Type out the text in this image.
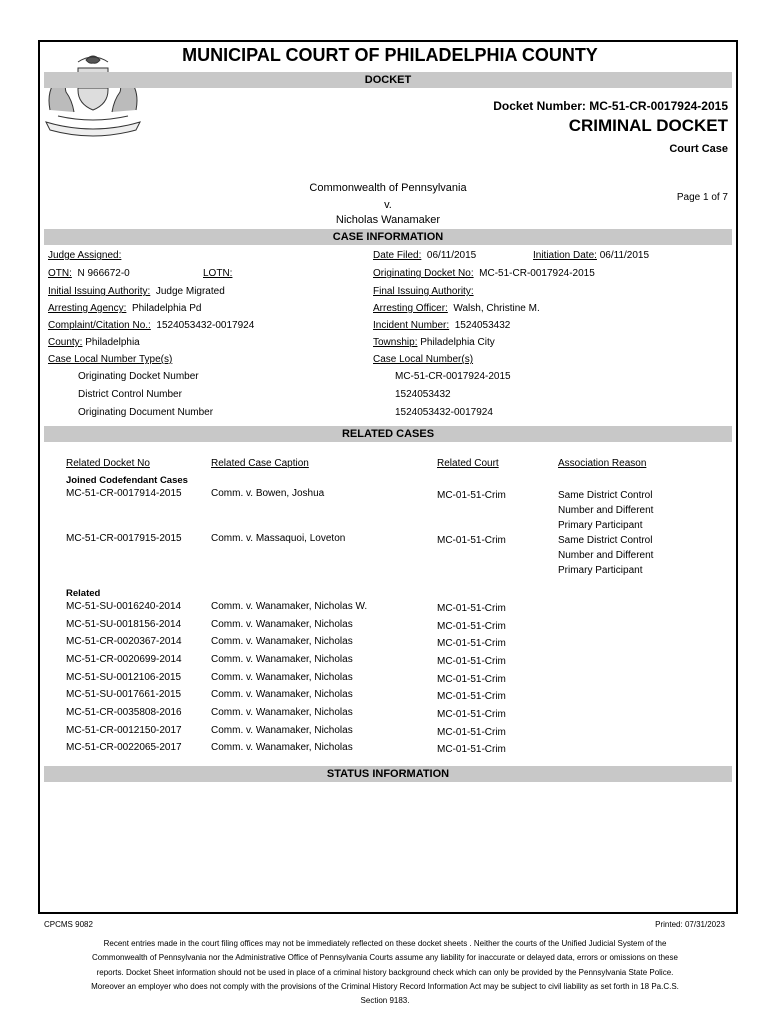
MUNICIPAL COURT OF PHILADELPHIA COUNTY
DOCKET
Docket Number: MC-51-CR-0017924-2015
CRIMINAL DOCKET
Court Case
Commonwealth of Pennsylvania
v.
Nicholas Wanamaker
Page 1 of 7
CASE INFORMATION
Judge Assigned:	Date Filed: 06/11/2015	Initiation Date: 06/11/2015
OTN: N 966672-0	LOTN:	Originating Docket No: MC-51-CR-0017924-2015
Initial Issuing Authority: Judge Migrated	Final Issuing Authority:
Arresting Agency: Philadelphia Pd	Arresting Officer: Walsh, Christine M.
Complaint/Citation No.: 1524053432-0017924	Incident Number: 1524053432
County: Philadelphia	Township: Philadelphia City
Case Local Number Type(s)	Case Local Number(s)
Originating Docket Number	MC-51-CR-0017924-2015
District Control Number	1524053432
Originating Document Number	1524053432-0017924
RELATED CASES
Related Docket No	Related Case Caption	Related Court	Association Reason
Joined Codefendant Cases
MC-51-CR-0017914-2015	Comm. v. Bowen, Joshua	MC-01-51-Crim	Same District Control
Number and Different
Primary Participant
MC-51-CR-0017915-2015	Comm. v. Massaquoi, Loveton	MC-01-51-Crim	Same District Control
Number and Different
Primary Participant
Related
MC-51-SU-0016240-2014	Comm. v. Wanamaker, Nicholas W.	MC-01-51-Crim
MC-51-SU-0018156-2014	Comm. v. Wanamaker, Nicholas	MC-01-51-Crim
MC-51-CR-0020367-2014	Comm. v. Wanamaker, Nicholas	MC-01-51-Crim
MC-51-CR-0020699-2014	Comm. v. Wanamaker, Nicholas	MC-01-51-Crim
MC-51-SU-0012106-2015	Comm. v. Wanamaker, Nicholas	MC-01-51-Crim
MC-51-SU-0017661-2015	Comm. v. Wanamaker, Nicholas	MC-01-51-Crim
MC-51-CR-0035808-2016	Comm. v. Wanamaker, Nicholas	MC-01-51-Crim
MC-51-CR-0012150-2017	Comm. v. Wanamaker, Nicholas	MC-01-51-Crim
MC-51-CR-0022065-2017	Comm. v. Wanamaker, Nicholas	MC-01-51-Crim
STATUS INFORMATION
CPCMS 9082	Printed: 07/31/2023
Recent entries made in the court filing offices may not be immediately reflected on these docket sheets . Neither the courts of the Unified Judicial System of the Commonwealth of Pennsylvania nor the Administrative Office of Pennsylvania Courts assume any liability for inaccurate or delayed data, errors or omissions on these reports. Docket Sheet information should not be used in place of a criminal history background check which can only be provided by the Pennsylvania State Police. Moreover an employer who does not comply with the provisions of the Criminal History Record Information Act may be subject to civil liability as set forth in 18 Pa.C.S. Section 9183.
